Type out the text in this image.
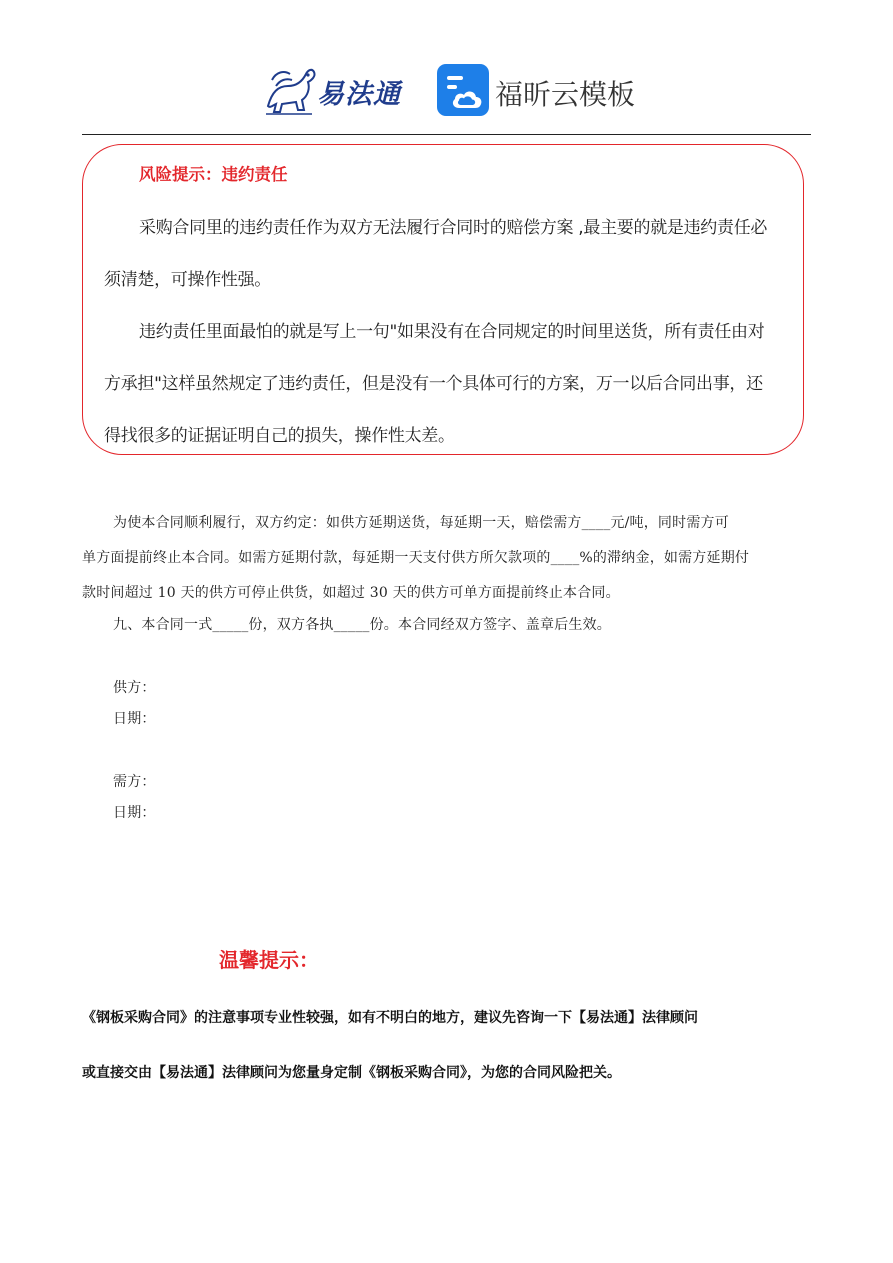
易法通	福昕云模板
风险提示：违约责任
采购合同里的违约责任作为双方无法履行合同时的赔偿方案 ,最主要的就是违约责任必
须清楚，可操作性强。
违约责任里面最怕的就是写上一句"如果没有在合同规定的时间里送货，所有责任由对
方承担"这样虽然规定了违约责任，但是没有一个具体可行的方案，万一以后合同出事，还
得找很多的证据证明自己的损失，操作性太差。
为使本合同顺利履行，双方约定：如供方延期送货，每延期一天，赔偿需方____元/吨，同时需方可
单方面提前终止本合同。如需方延期付款，每延期一天支付供方所欠款项的____%的滞纳金，如需方延期付
款时间超过 10 天的供方可停止供货，如超过 30 天的供方可单方面提前终止本合同。
九、本合同一式_____份，双方各执_____份。本合同经双方签字、盖章后生效。
供方：
日期：
需方：
日期：
温馨提示：
《钢板采购合同》的注意事项专业性较强，如有不明白的地方，建议先咨询一下【易法通】法律顾问
或直接交由【易法通】法律顾问为您量身定制《钢板采购合同》，为您的合同风险把关。
